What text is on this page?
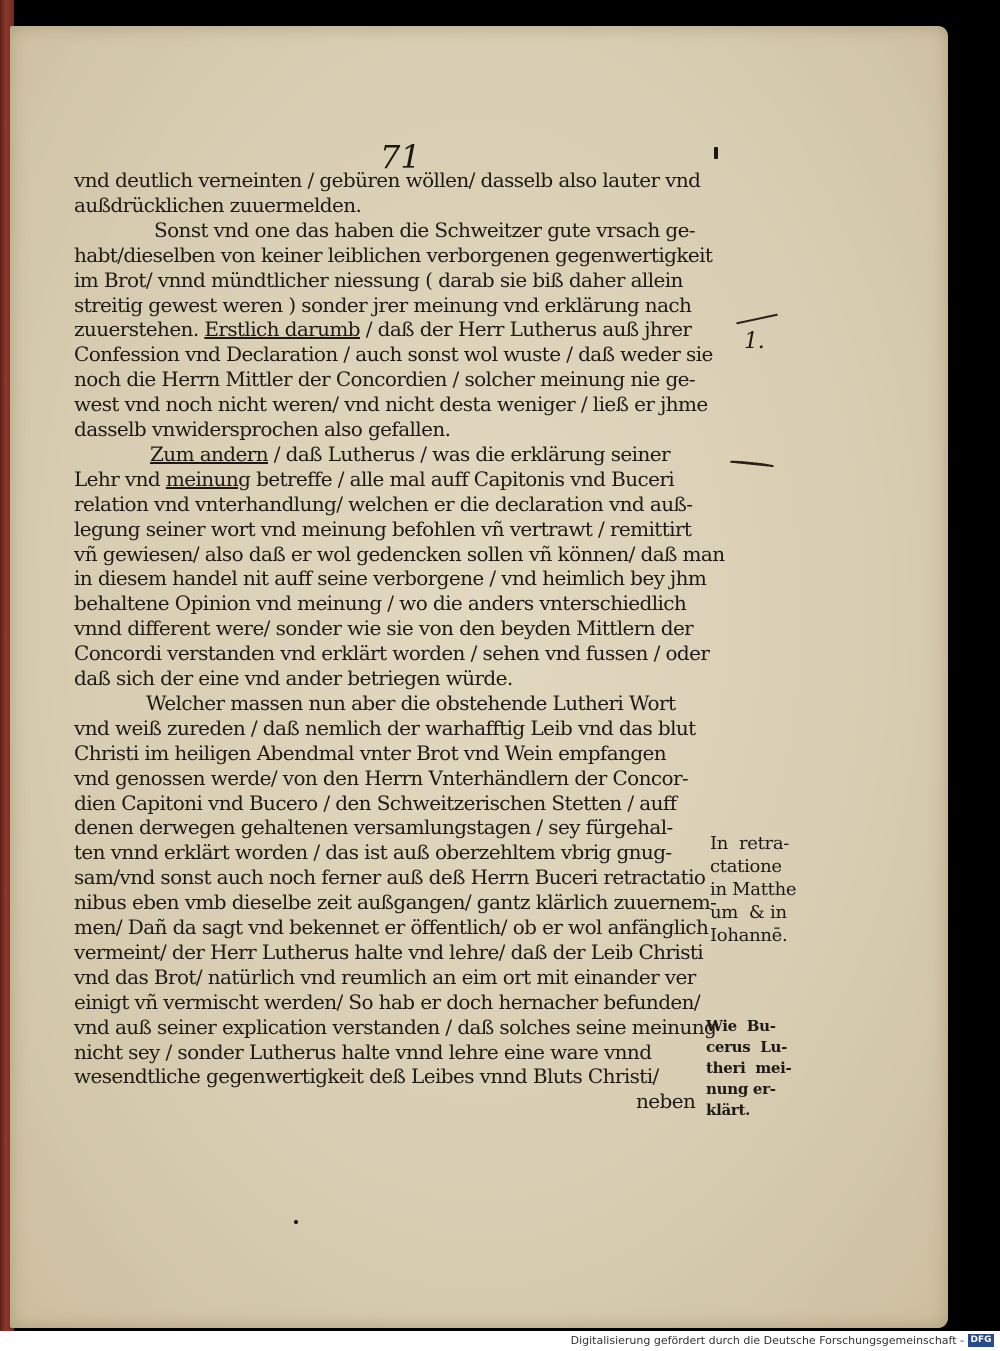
71
vnd deutlich verneinten / gebüren wöllen/ dasselb also lauter vnd
außdrücklichen zuuermelden.
Sonst vnd one das haben die Schweitzer gute vrsach ge-
habt/dieselben von keiner leiblichen verborgenen gegenwertigkeit
im Brot/ vnnd mündtlicher niessung ( darab sie biß daher allein
streitig gewest weren ) sonder jrer meinung vnd erklärung nach
zuuerstehen. Erstlich darumb / daß der Herr Lutherus auß jhrer
Confession vnd Declaration / auch sonst wol wuste / daß weder sie
noch die Herrn Mittler der Concordien / solcher meinung nie ge-
west vnd noch nicht weren/ vnd nicht desta weniger / ließ er jhme
dasselb vnwidersprochen also gefallen.
Zum andern / daß Lutherus / was die erklärung seiner
Lehr vnd meinung betreffe / alle mal auff Capitonis vnd Buceri
relation vnd vnterhandlung/ welchen er die declaration vnd auß-
legung seiner wort vnd meinung befohlen vñ vertrawt / remittirt
vñ gewiesen/ also daß er wol gedencken sollen vñ können/ daß man
in diesem handel nit auff seine verborgene / vnd heimlich bey jhm
behaltene Opinion vnd meinung / wo die anders vnterschiedlich
vnnd different were/ sonder wie sie von den beyden Mittlern der
Concordi verstanden vnd erklärt worden / sehen vnd fussen / oder
daß sich der eine vnd ander betriegen würde.
Welcher massen nun aber die obstehende Lutheri Wort
vnd weiß zureden / daß nemlich der warhafftig Leib vnd das blut
Christi im heiligen Abendmal vnter Brot vnd Wein empfangen
vnd genossen werde/ von den Herrn Vnterhändlern der Concor-
dien Capitoni vnd Bucero / den Schweitzerischen Stetten / auff
denen derwegen gehaltenen versamlungstagen / sey fürgehal-
ten vnnd erklärt worden / das ist auß oberzehltem vbrig gnug-
sam/vnd sonst auch noch ferner auß deß Herrn Buceri retractatio
nibus eben vmb dieselbe zeit außgangen/ gantz klärlich zuuernem-
men/ Dañ da sagt vnd bekennet er öffentlich/ ob er wol anfänglich
vermeint/ der Herr Lutherus halte vnd lehre/ daß der Leib Christi
vnd das Brot/ natürlich vnd reumlich an eim ort mit einander ver
einigt vñ vermischt werden/ So hab er doch hernacher befunden/
vnd auß seiner explication verstanden / daß solches seine meinung
nicht sey / sonder Lutherus halte vnnd lehre eine ware vnnd
wesendtliche gegenwertigkeit deß Leibes vnnd Bluts Christi/
neben
1.
In  retra-
ctatione
in Matthe
um  & in
Iohannē.
Wie  Bu-
cerus  Lu-
theri  mei-
nung er-
klärt.
Digitalisierung gefördert durch die Deutsche Forschungsgemeinschaft - DFG
